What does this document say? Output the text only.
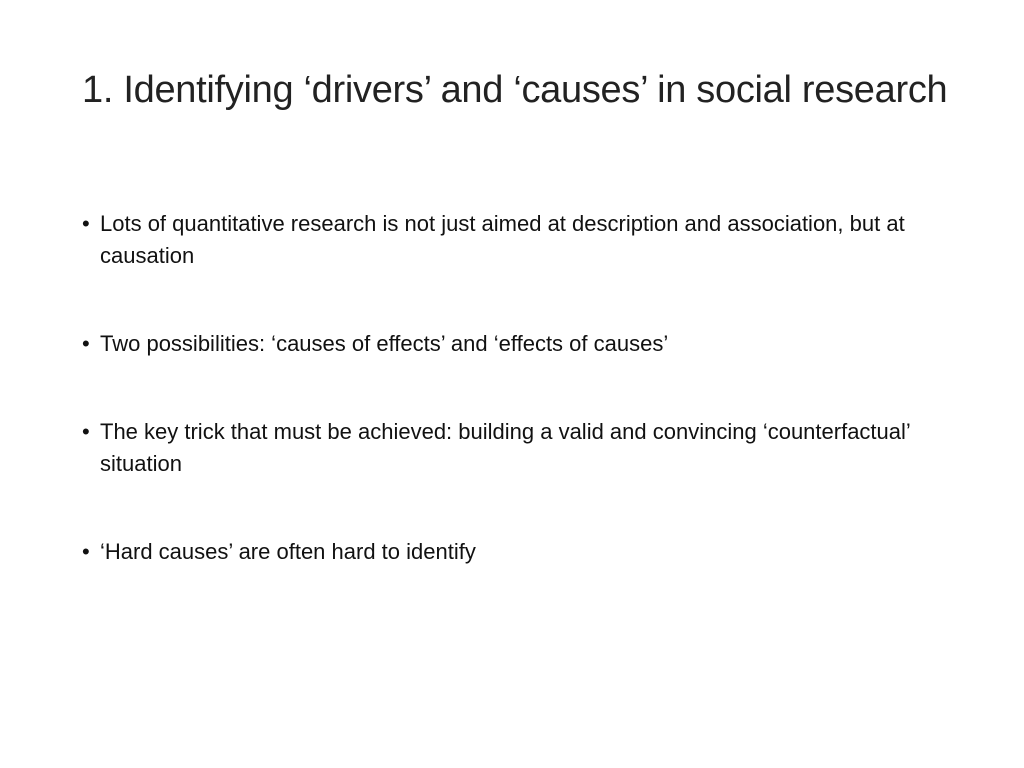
1. Identifying ‘drivers’ and ‘causes’ in social research
• Lots of quantitative research is not just aimed at description and association, but at causation
• Two possibilities: ‘causes of effects’ and ‘effects of causes’
• The key trick that must be achieved: building a valid and convincing ‘counterfactual’ situation
• ‘Hard causes’ are often hard to identify
